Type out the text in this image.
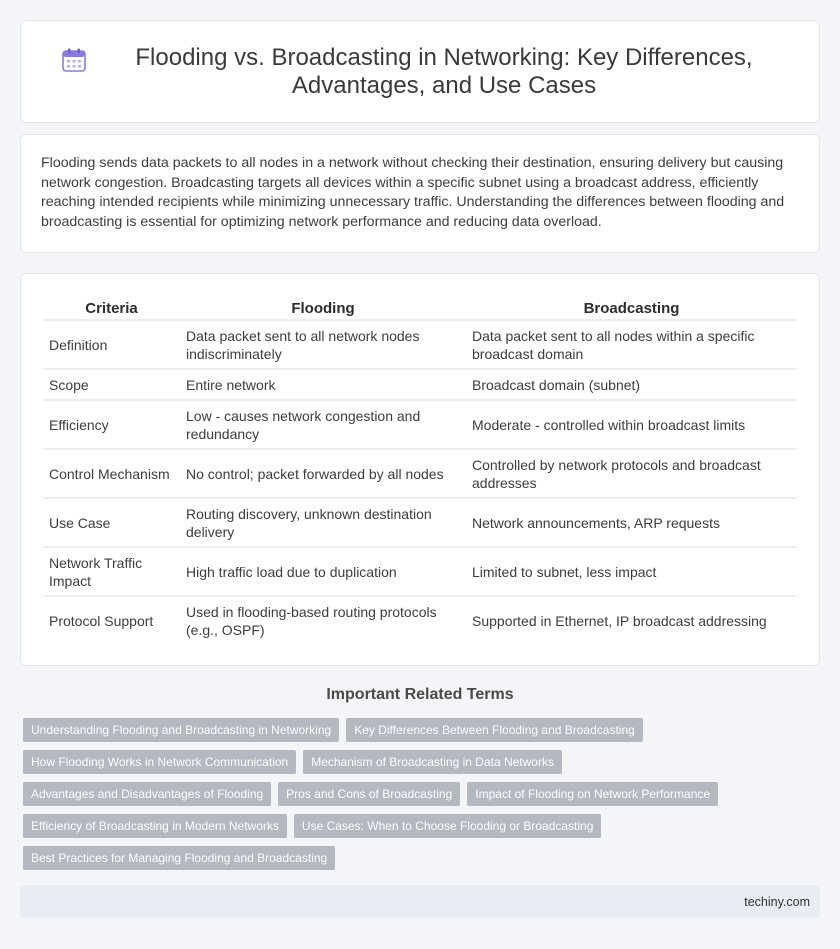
Flooding vs. Broadcasting in Networking: Key Differences, Advantages, and Use Cases

Flooding sends data packets to all nodes in a network without checking their destination, ensuring delivery but causing network congestion. Broadcasting targets all devices within a specific subnet using a broadcast address, efficiently reaching intended recipients while minimizing unnecessary traffic. Understanding the differences between flooding and broadcasting is essential for optimizing network performance and reducing data overload.

Criteria	Flooding	Broadcasting
Definition	Data packet sent to all network nodes indiscriminately	Data packet sent to all nodes within a specific broadcast domain
Scope	Entire network	Broadcast domain (subnet)
Efficiency	Low - causes network congestion and redundancy	Moderate - controlled within broadcast limits
Control Mechanism	No control; packet forwarded by all nodes	Controlled by network protocols and broadcast addresses
Use Case	Routing discovery, unknown destination delivery	Network announcements, ARP requests
Network Traffic Impact	High traffic load due to duplication	Limited to subnet, less impact
Protocol Support	Used in flooding-based routing protocols (e.g., OSPF)	Supported in Ethernet, IP broadcast addressing
Important Related Terms
Understanding Flooding and Broadcasting in Networking	Key Differences Between Flooding and Broadcasting
How Flooding Works in Network Communication	Mechanism of Broadcasting in Data Networks
Advantages and Disadvantages of Flooding	Pros and Cons of Broadcasting	Impact of Flooding on Network Performance
Efficiency of Broadcasting in Modern Networks	Use Cases: When to Choose Flooding or Broadcasting
Best Practices for Managing Flooding and Broadcasting
techiny.com
